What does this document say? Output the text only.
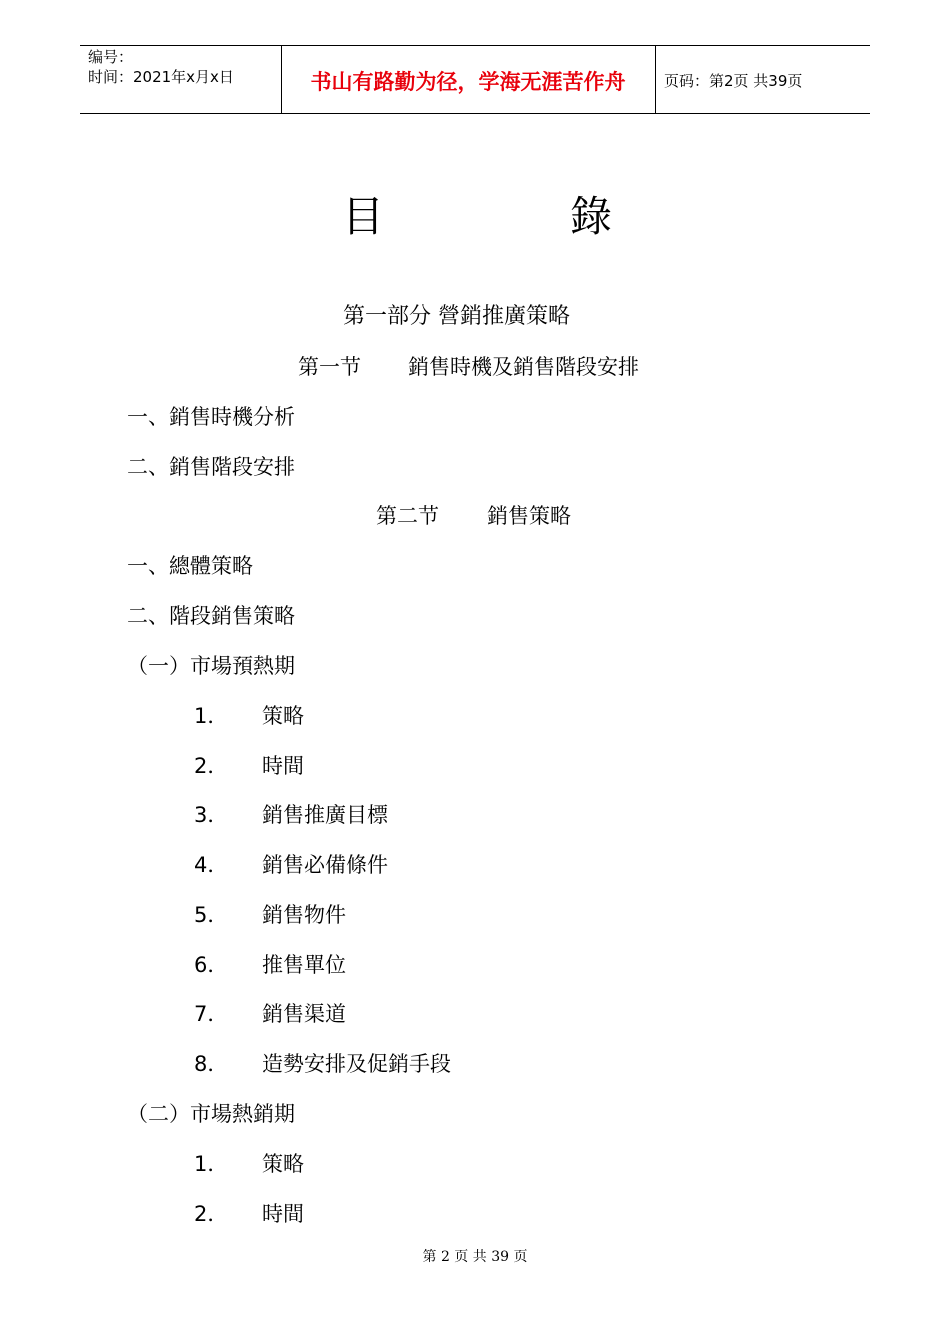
编号：
时间：2021年x月x日	书山有路勤为径，学海无涯苦作舟	页码：第2页 共39页
目	錄
第一部分 營銷推廣策略
第一节 銷售時機及銷售階段安排
一、銷售時機分析
二、銷售階段安排
第二节 銷售策略
一、總體策略
二、階段銷售策略
（一）市場預熱期
1． 策略
2． 時間
3． 銷售推廣目標
4． 銷售必備條件
5． 銷售物件
6． 推售單位
7． 銷售渠道
8． 造勢安排及促銷手段
（二）市場熱銷期
1． 策略
2． 時間
第 2 页 共 39 页
